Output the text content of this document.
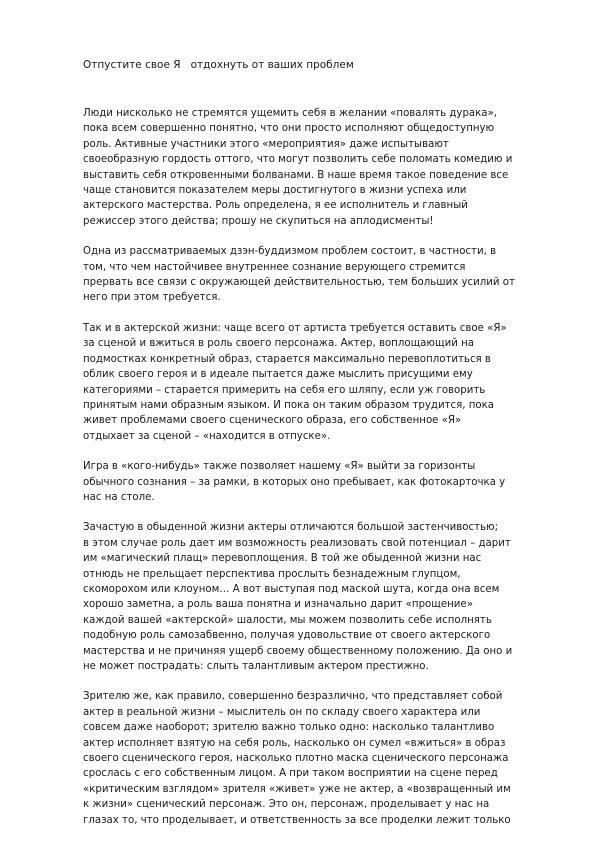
Отпустите свое Я   отдохнуть от ваших проблем

Люди нисколько не стремятся ущемить себя в желании «повалять дурака»,
пока всем совершенно понятно, что они просто исполняют общедоступную
роль. Активные участники этого «мероприятия» даже испытывают
своеобразную гордость оттого, что могут позволить себе поломать комедию и
выставить себя откровенными болванами. В наше время такое поведение все
чаще становится показателем меры достигнутого в жизни успеха или
актерского мастерства. Роль определена, я ее исполнитель и главный
режиссер этого действа; прошу не скупиться на аплодисменты!

Одна из рассматриваемых дзэн-буддизмом проблем состоит, в частности, в
том, что чем настойчивее внутреннее сознание верующего стремится
прервать все связи с окружающей действительностью, тем больших усилий от
него при этом требуется.

Так и в актерской жизни: чаще всего от артиста требуется оставить свое «Я»
за сценой и вжиться в роль своего персонажа. Актер, воплощающий на
подмостках конкретный образ, старается максимально перевоплотиться в
облик своего героя и в идеале пытается даже мыслить присущими ему
категориями – старается примерить на себя его шляпу, если уж говорить
принятым нами образным языком. И пока он таким образом трудится, пока
живет проблемами своего сценического образа, его собственное «Я»
отдыхает за сценой – «находится в отпуске».

Игра в «кого-нибудь» также позволяет нашему «Я» выйти за горизонты
обычного сознания – за рамки, в которых оно пребывает, как фотокарточка у
нас на столе.

Зачастую в обыденной жизни актеры отличаются большой застенчивостью;
в этом случае роль дает им возможность реализовать свой потенциал – дарит
им «магический плащ» перевоплощения. В той же обыденной жизни нас
отнюдь не прельщает перспектива прослыть безнадежным глупцом,
скоморохом или клоуном… А вот выступая под маской шута, когда она всем
хорошо заметна, а роль ваша понятна и изначально дарит «прощение»
каждой вашей «актерской» шалости, мы можем позволить себе исполнять
подобную роль самозабвенно, получая удовольствие от своего актерского
мастерства и не причиняя ущерб своему общественному положению. Да оно и
не может пострадать: слыть талантливым актером престижно.

Зрителю же, как правило, совершенно безразлично, что представляет собой
актер в реальной жизни – мыслитель он по складу своего характера или
совсем даже наоборот; зрителю важно только одно: насколько талантливо
актер исполняет взятую на себя роль, насколько он сумел «вжиться» в образ
своего сценического героя, насколько плотно маска сценического персонажа
срослась с его собственным лицом. А при таком восприятии на сцене перед
«критическим взглядом» зрителя «живет» уже не актер, а «возвращенный им
к жизни» сценический персонаж. Это он, персонаж, проделывает у нас на
глазах то, что проделывает, и ответственность за все проделки лежит только
